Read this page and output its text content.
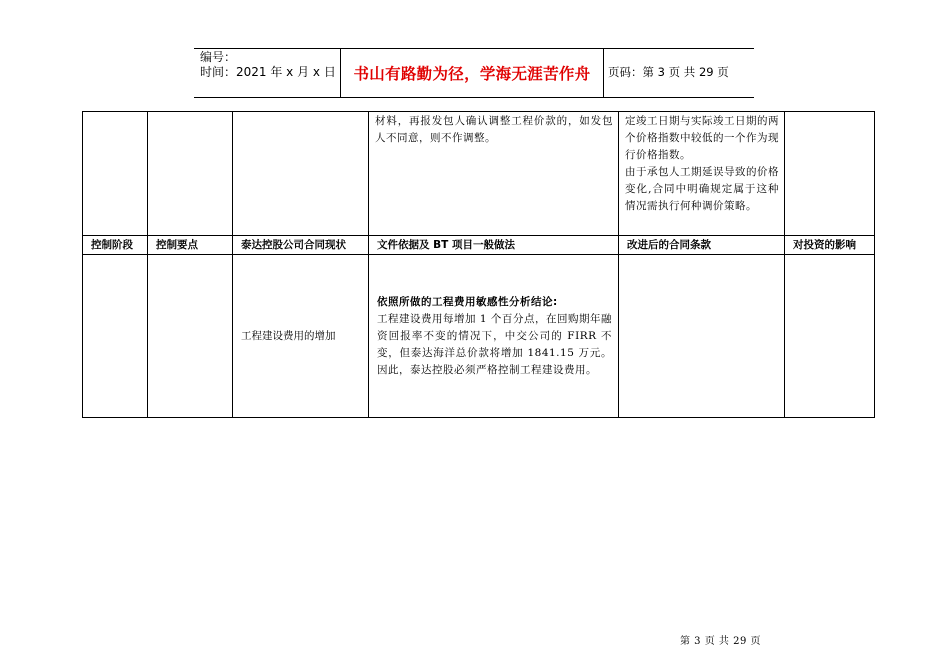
编号：
时间：2021 年 x 月 x 日	书山有路勤为径，学海无涯苦作舟	页码：第 3 页 共 29 页

			材料，再报发包人确认调整工程价款的，如发包人不同意，则不作调整。	定竣工日期与实际竣工日期的两个价格指数中较低的一个作为现行价格指数。
由于承包人工期延误导致的价格变化,合同中明确规定属于这种情况需执行何种调价策略。	

控制阶段	控制要点	泰达控股公司合同现状	文件依据及 BT 项目一般做法	改进后的合同条款	对投资的影响
		工程建设费用的增加	依照所做的工程费用敏感性分析结论:
工程建设费用每增加 1 个百分点，在回购期年融资回报率不变的情况下，中交公司的 FIRR 不变，但泰达海洋总价款将增加 1841.15 万元。因此，泰达控股必须严格控制工程建设费用。		

第 3 页 共 29 页
